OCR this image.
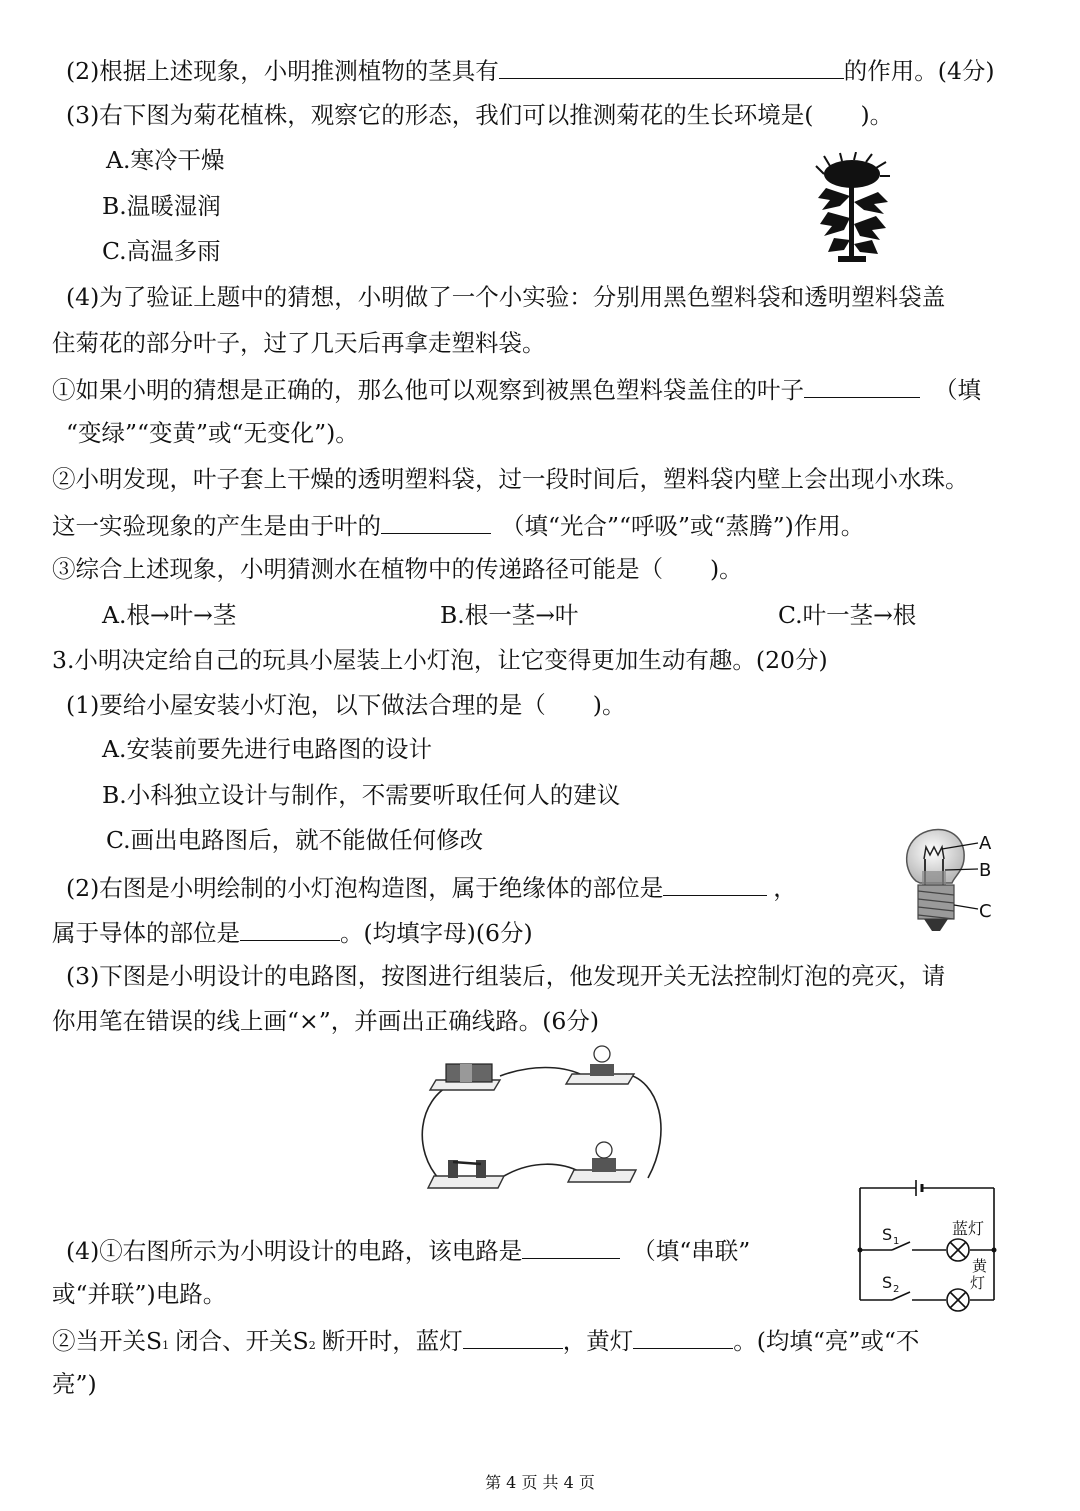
(2)根据上述现象，小明推测植物的茎具有	的作用。(4分)
(3)右下图为菊花植株，观察它的形态，我们可以推测菊花的生长环境是(　　)。
A.寒冷干燥
B.温暖湿润
C.高温多雨
(4)为了验证上题中的猜想，小明做了一个小实验：分别用黑色塑料袋和透明塑料袋盖
住菊花的部分叶子，过了几天后再拿走塑料袋。
①如果小明的猜想是正确的，那么他可以观察到被黑色塑料袋盖住的叶子	（填
“变绿”“变黄”或“无变化”)。
②小明发现，叶子套上干燥的透明塑料袋，过一段时间后，塑料袋内壁上会出现小水珠。
这一实验现象的产生是由于叶的	（填“光合”“呼吸”或“蒸腾”)作用。
③综合上述现象，小明猜测水在植物中的传递路径可能是（　　)。
A.根→叶→茎	B.根一茎→叶	C.叶一茎→根
3.小明决定给自己的玩具小屋装上小灯泡，让它变得更加生动有趣。(20分)
(1)要给小屋安装小灯泡，以下做法合理的是（　　)。
A.安装前要先进行电路图的设计
B.小科独立设计与制作，不需要听取任何人的建议
C.画出电路图后，就不能做任何修改	A
B
C
(2)右图是小明绘制的小灯泡构造图，属于绝缘体的部位是	，
属于导体的部位是	。(均填字母)(6分)
(3)下图是小明设计的电路图，按图进行组装后，他发现开关无法控制灯泡的亮灭，请
你用笔在错误的线上画“×”，并画出正确线路。(6分)
S 1
S 2
蓝灯
黄
灯
(4)①右图所示为小明设计的电路，该电路是	（填“串联”
或“并联”)电路。
②当开关S1 闭合、开关S2 断开时，蓝灯	，黄灯	。(均填“亮”或“不
亮”)
第 4 页 共 4 页
